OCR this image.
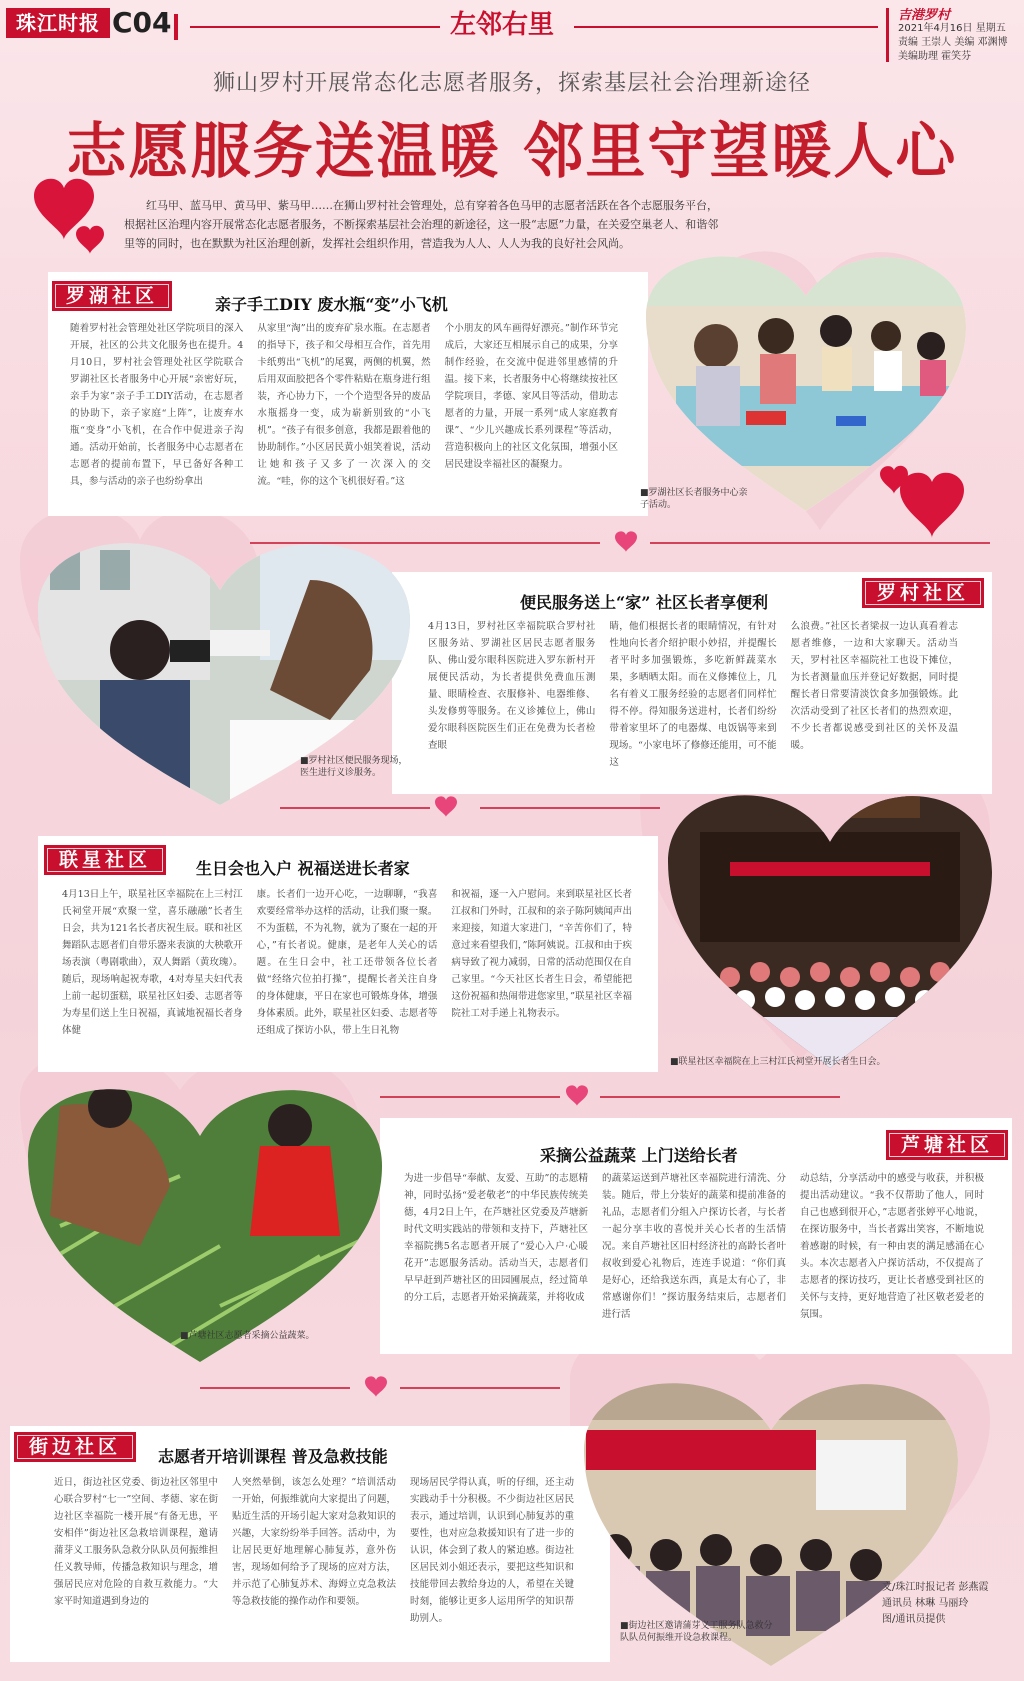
珠江时报 C04	左邻右里	吉港罗村
2021年4月16日 星期五
责编 王崇人 美编 邓渊博
美编助理 霍笑芬
狮山罗村开展常态化志愿者服务，探索基层社会治理新途径
志愿服务送温暖 邻里守望暖人心
红马甲、蓝马甲、黄马甲、紫马甲……在狮山罗村社会管理处，总有穿着各色马甲的志愿者活跃在各个志愿服务平台，根据社区治理内容开展常态化志愿者服务，不断探索基层社会治理的新途径，这一股“志愿”力量，在关爱空巢老人、和谐邻里等的同时，也在默默为社区治理创新，发挥社会组织作用，营造我为人人、人人为我的良好社会风尚。
罗湖社区	亲子手工DIY 废水瓶“变”小飞机
随着罗村社会管理处社区学院项目的深入开展，社区的公共文化服务也在提升。4月10日，罗村社会管理处社区学院联合罗湖社区长者服务中心开展“亲密好玩，亲手为家”亲子手工DIY活动，在志愿者的协助下，亲子家庭“上阵”，让废弃水瓶“变身”小飞机，在合作中促进亲子沟通。活动开始前，长者服务中心志愿者在志愿者的提前布置下，早已备好各种工具，参与活动的亲子也纷纷拿出
从家里“淘”出的废弃矿泉水瓶。在志愿者的指导下，孩子和父母相互合作，首先用卡纸剪出“飞机”的尾翼，两侧的机翼，然后用双面胶把各个零件粘贴在瓶身进行组装，齐心协力下，一个个造型各异的废品水瓶摇身一变，成为崭新别致的“小飞机”。“孩子有很多创意，我都是跟着他的协助制作。”小区居民黄小姐笑着说，活动让她和孩子又多了一次深入的交流。“哇，你的这个飞机很好看。”这
个小朋友的风车画得好漂亮。”制作环节完成后，大家还互相展示自己的成果，分享制作经验，在交流中促进邻里感情的升温。接下来，长者服务中心将继续按社区学院项目，孝德、家风目等活动，借助志愿者的力量，开展一系列“成人家庭教育课”、“少儿兴趣成长系列课程”等活动，营造积极向上的社区文化氛围，增强小区居民建设幸福社区的凝聚力。
■罗湖社区长者服务中心亲子活动。
罗村社区
便民服务送上“家” 社区长者享便利
4月13日，罗村社区幸福院联合罗村社区服务站、罗湖社区居民志愿者服务队、佛山爱尔眼科医院进入罗东新村开展便民活动，为长者提供免费血压测量、眼睛检查、衣服修补、电器维修、头发修剪等服务。在义诊摊位上，佛山爱尔眼科医院医生们正在免费为长者检查眼
睛，他们根据长者的眼睛情况，有针对性地向长者介绍护眼小妙招，并提醒长者平时多加强锻炼，多吃新鲜蔬菜水果，多晒晒太阳。而在义修摊位上，几名有着义工服务经验的志愿者们同样忙得不停。得知服务送进村，长者们纷纷带着家里坏了的电器煤、电饭锅等来到现场。“小家电坏了修修还能用，可不能这
么浪费。”社区长者梁叔一边认真看着志愿者维修，一边和大家聊天。活动当天，罗村社区幸福院社工也设下摊位，为长者测量血压并登记好数据，同时提醒长者日常要清淡饮食多加强锻炼。此次活动受到了社区长者们的热烈欢迎，不少长者都说感受到社区的关怀及温暖。
■罗村社区便民服务现场，医生进行义诊服务。
联星社区	生日会也入户 祝福送进长者家
4月13日上午，联星社区幸福院在上三村江氏祠堂开展“欢聚一堂，喜乐融融”长者生日会，共为121名长者庆祝生辰。联和社区舞蹈队志愿者们自带乐器来表演的大秧歌开场表演（粤剧歌曲），双人舞蹈（黄玫瑰）。随后，现场响起祝寿歌，4对寿星夫妇代表上前一起切蛋糕，联星社区妇委、志愿者等为寿星们送上生日祝福，真诚地祝福长者身体健
康。长者们一边开心吃，一边聊聊，“我喜欢要经常举办这样的活动，让我们聚一聚。不为蛋糕，不为礼物，就为了聚在一起的开心，”有长者说。健康，是老年人关心的话题。在生日会中，社工还带领各位长者做“经络穴位拍打操”，提醒长者关注自身的身体健康，平日在家也可锻炼身体，增强身体素质。此外，联星社区妇委、志愿者等还组成了探访小队，带上生日礼物
和祝福，逐一入户慰问。来到联星社区长者江叔和门外时，江叔和的亲子陈阿姨闻声出来迎接，知道大家进门，“辛苦你们了，特意过来看望我们，”陈阿姨说。江叔和由于疾病导致了视力减弱，日常的活动范围仅在自己家里。“今天社区长者生日会，希望能把这份祝福和热闹带进您家里，”联星社区幸福院社工对手递上礼物表示。
■联星社区幸福院在上三村江氏祠堂开展长者生日会。
芦塘社区
采摘公益蔬菜 上门送给长者
为进一步倡导“奉献、友爱、互助”的志愿精神，同时弘扬“爱老敬老”的中华民族传统美德，4月2日上午，在芦塘社区党委及芦塘新时代文明实践站的带领和支持下，芦塘社区幸福院携5名志愿者开展了“爱心入户·心暖花开”志愿服务活动。活动当天，志愿者们早早赶到芦塘社区的田园圃展点，经过简单的分工后，志愿者开始采摘蔬菜，并将收成
的蔬菜运送到芦塘社区幸福院进行清洗、分装。随后，带上分装好的蔬菜和提前准备的礼品，志愿者们分组入户探访长者，与长者一起分享丰收的喜悦并关心长者的生活情况。来自芦塘社区旧村经济社的高龄长者叶叔收到爱心礼物后，连连手说道：“你们真是好心，还给我送东西，真是太有心了，非常感谢你们！”探访服务结束后，志愿者们进行活
动总结，分享活动中的感受与收获，并积极提出活动建议。“我不仅帮助了他人，同时自己也感到很开心，”志愿者张婷平心地说，在探访服务中，当长者露出笑容，不断地说着感谢的时候，有一种由衷的满足感涌在心头。本次志愿者入户探访活动，不仅提高了志愿者的探访技巧，更让长者感受到社区的关怀与支持，更好地营造了社区敬老爱老的氛围。
■芦塘社区志愿者采摘公益蔬菜。
街边社区	志愿者开培训课程 普及急救技能
近日，街边社区党委、街边社区邻里中心联合罗村“七一”空间、孝德、家在街边社区幸福院一楼开展“有备无患，平安相伴”街边社区急救培训课程，邀请蒲芽义工服务队急救分队队员何振维担任义教导师，传播急救知识与理念，增强居民应对危险的自救互救能力。“大家平时知道遇到身边的
人突然晕倒，该怎么处理？”培训活动一开始，何振维就向大家提出了问题，贴近生活的开场引起大家对急救知识的兴趣，大家纷纷举手回答。活动中，为让居民更好地理解心肺复苏，意外伤害，现场如何给予了现场的应对方法，并示范了心肺复苏术、海姆立克急救法等急救技能的操作动作和要领。
现场居民学得认真，听的仔细，还主动实践动手十分积极。不少街边社区居民表示，通过培训，认识到心肺复苏的重要性，也对应急救援知识有了进一步的认识，体会到了救人的紧迫感。街边社区居民刘小姐还表示，要把这些知识和技能带回去教给身边的人，希望在关键时刻，能够让更多人运用所学的知识帮助别人。
■街边社区邀请蒲芽义工服务队急救分队队员何振维开设急救课程。
文/珠江时报记者 彭燕霞
通讯员 林琳 马丽玲
图/通讯员提供
